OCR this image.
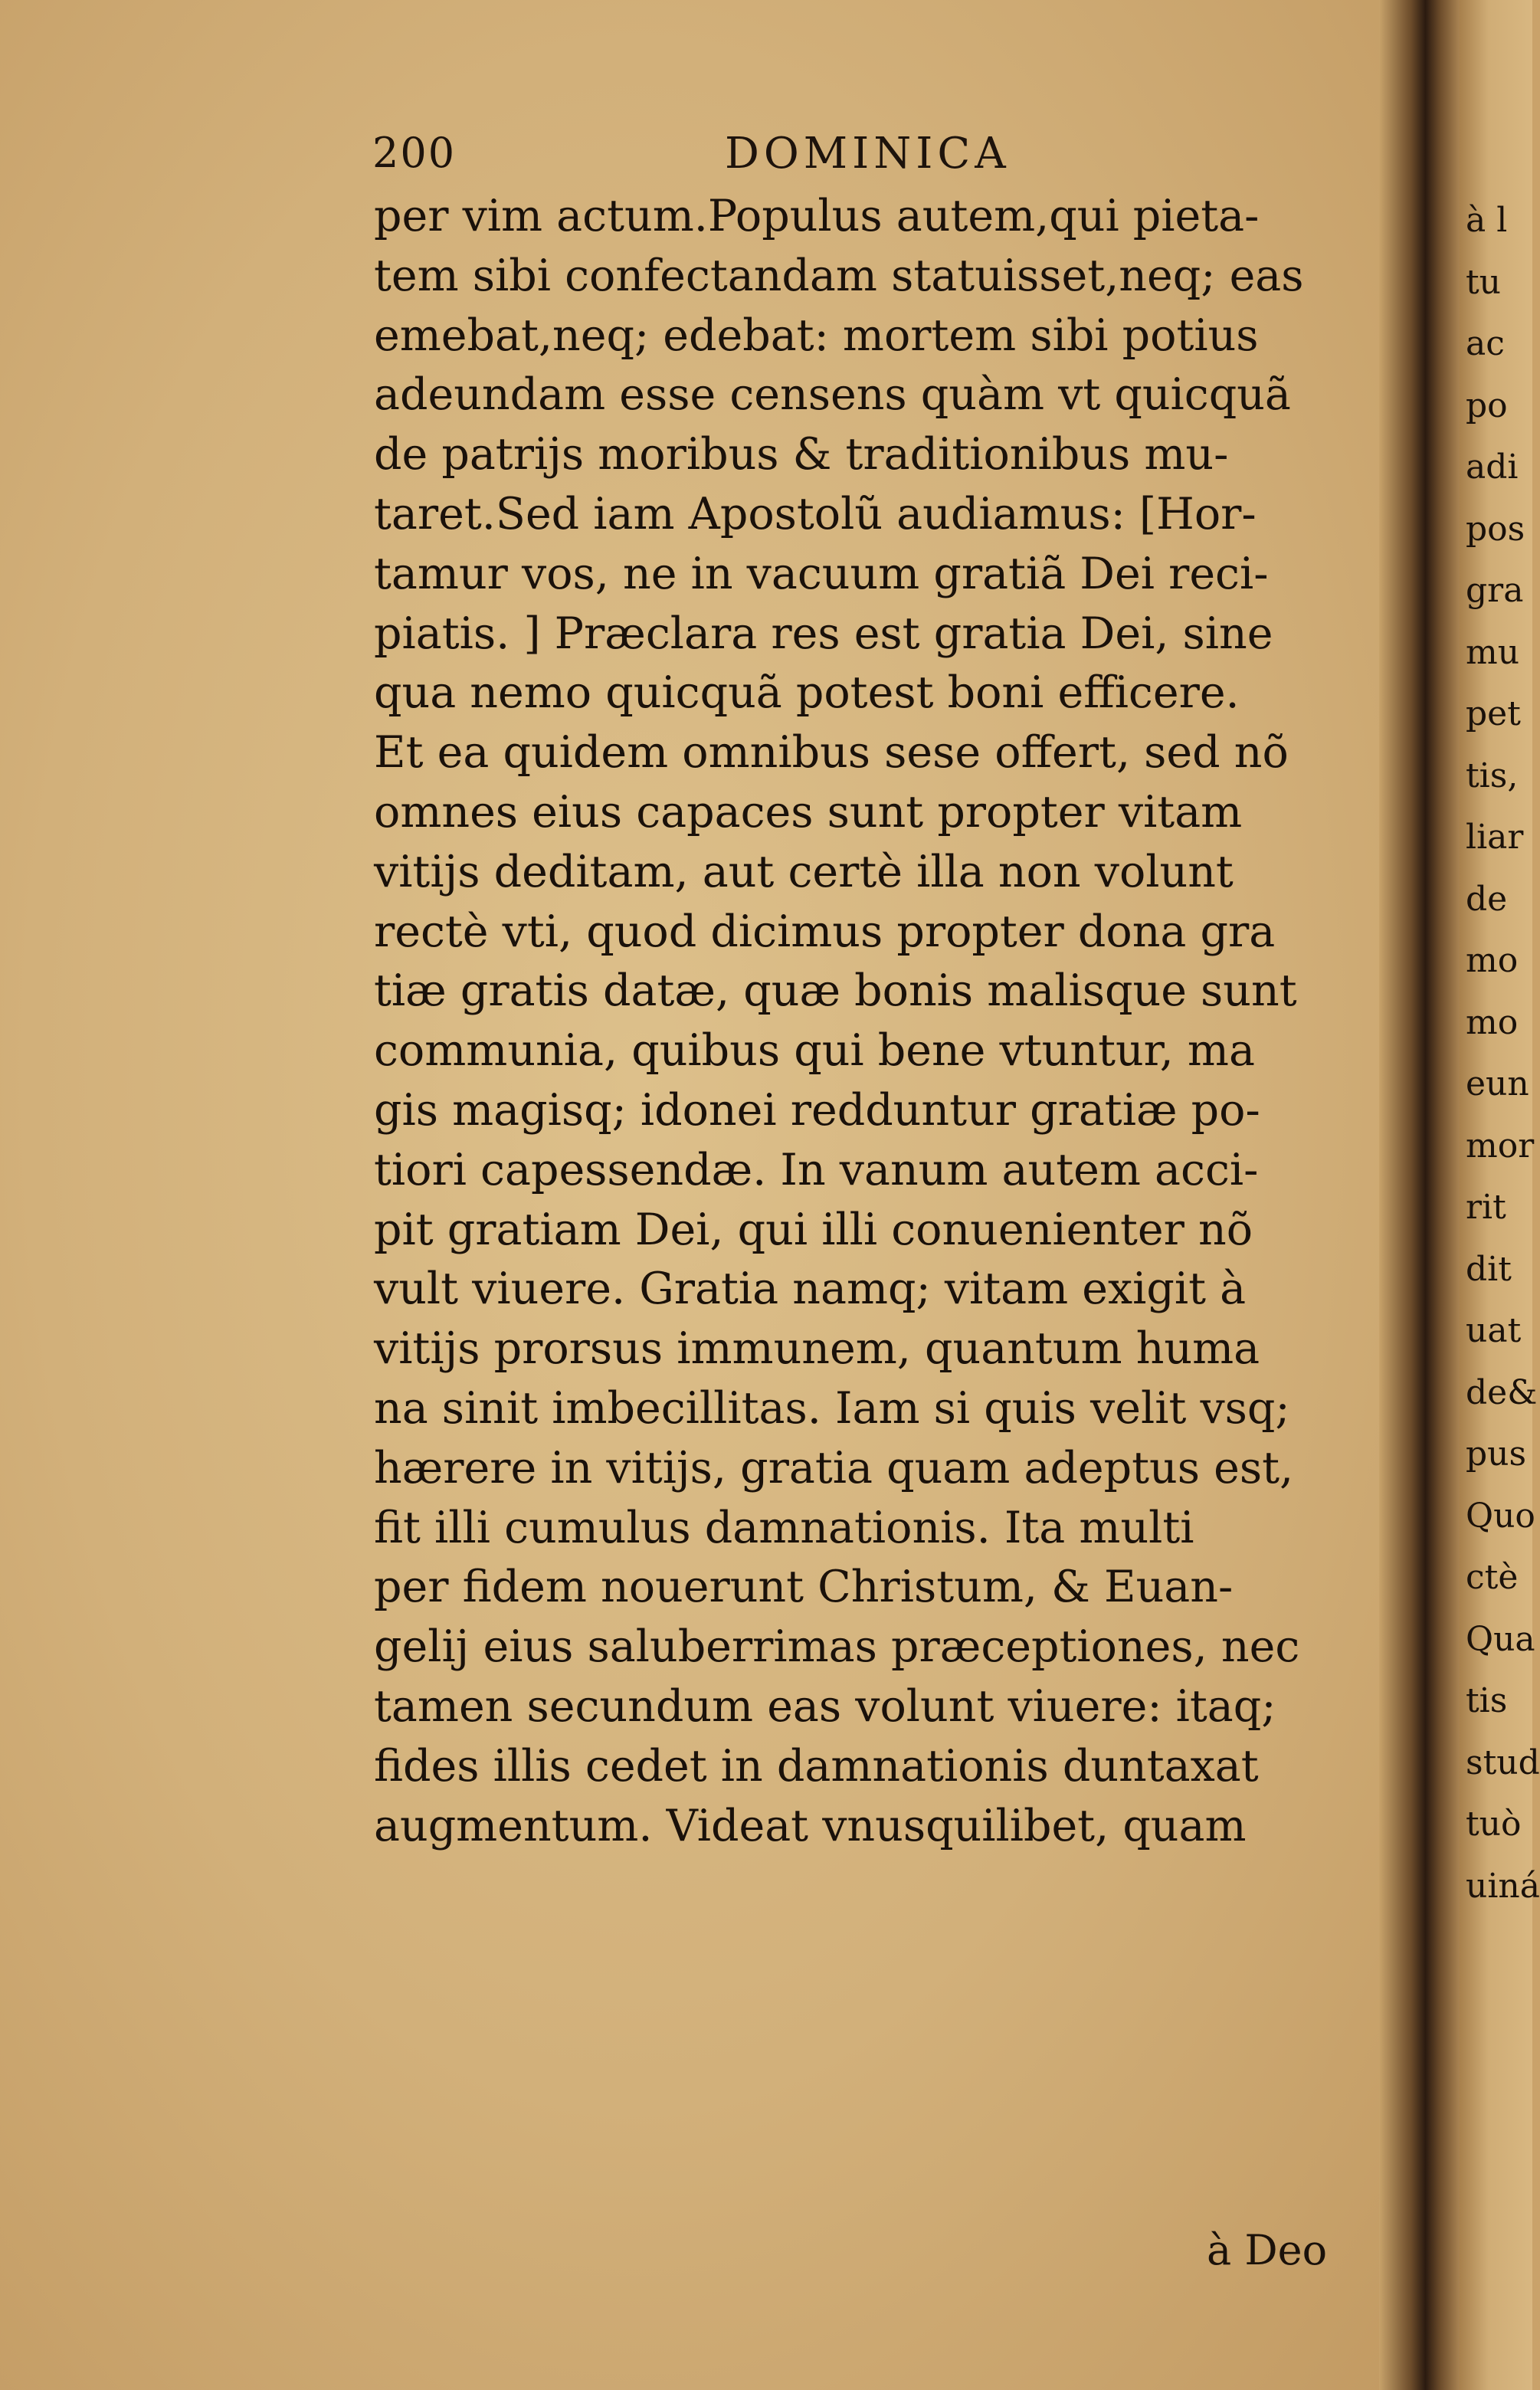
200	DOMINICA
per vim actum.Populus autem,qui pieta-
tem sibi confectandam statuisset,neq; eas
emebat,neq; edebat: mortem sibi potius
adeundam esse censens quàm vt quicquã
de patrijs moribus & traditionibus mu-
taret.Sed iam Apostolũ audiamus: [Hor-
tamur vos, ne in vacuum gratiã Dei reci-
piatis. ] Præclara res est gratia Dei, sine
qua nemo quicquã potest boni efficere.
Et ea quidem omnibus sese offert, sed nõ
omnes eius capaces sunt propter vitam
vitijs deditam, aut certè illa non volunt
rectè vti, quod dicimus propter dona gra
tiæ gratis datæ, quæ bonis malisque sunt
communia, quibus qui bene vtuntur, ma
gis magisq; idonei redduntur gratiæ po-
tiori capessendæ. In vanum autem acci-
pit gratiam Dei, qui illi conuenienter nõ
vult viuere. Gratia namq; vitam exigit à
vitijs prorsus immunem, quantum huma
na sinit imbecillitas. Iam si quis velit vsq;
hærere in vitijs, gratia quam adeptus est,
fit illi cumulus damnationis. Ita multi
per fidem nouerunt Christum, & Euan-
gelij eius saluberrimas præceptiones, nec
tamen secundum eas volunt viuere: itaq;
fides illis cedet in damnationis duntaxat
augmentum. Videat vnusquilibet, quam
à Deo
à l
tu
ac
po
adi
pos
gra
mu
pet
tis,
liar
de
mo
mo
eun
mor
rit
dit
uat
de&
pus
Quo
ctè
Qua
tis
stud
tuò
uiná
